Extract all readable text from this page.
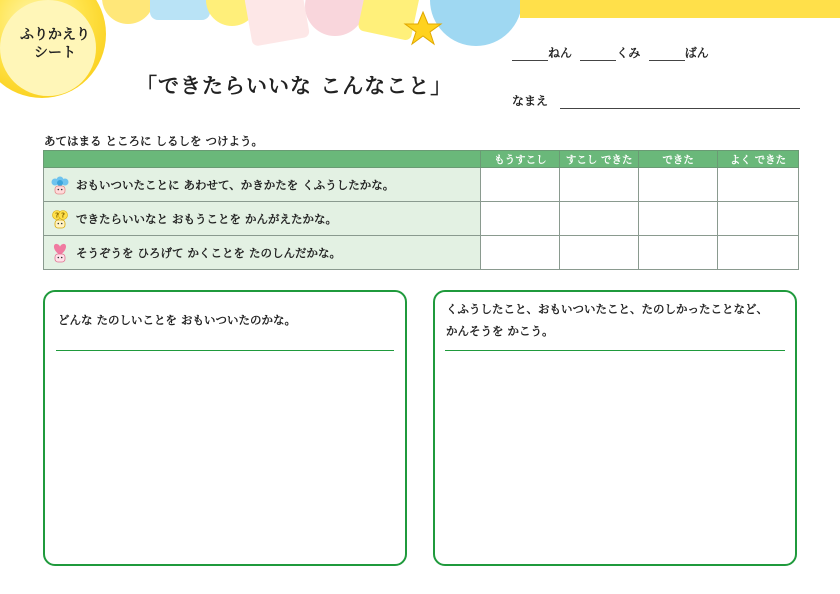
ふりかえり
シート
「できたらいいな こんなこと」
ねん	くみ	ばん
なまえ
あてはまる ところに しるしを つけよう。
	もうすこし	すこし できた	できた	よく できた

おもいついたことに あわせて、かきかたを くふうしたかな。				

? ? できたらいいなと おもうことを かんがえたかな。				

そうぞうを ひろげて かくことを たのしんだかな。				

どんな たのしいことを おもいついたのかな。
くふうしたこと、おもいついたこと、たのしかったことなど、
かんそうを かこう。
